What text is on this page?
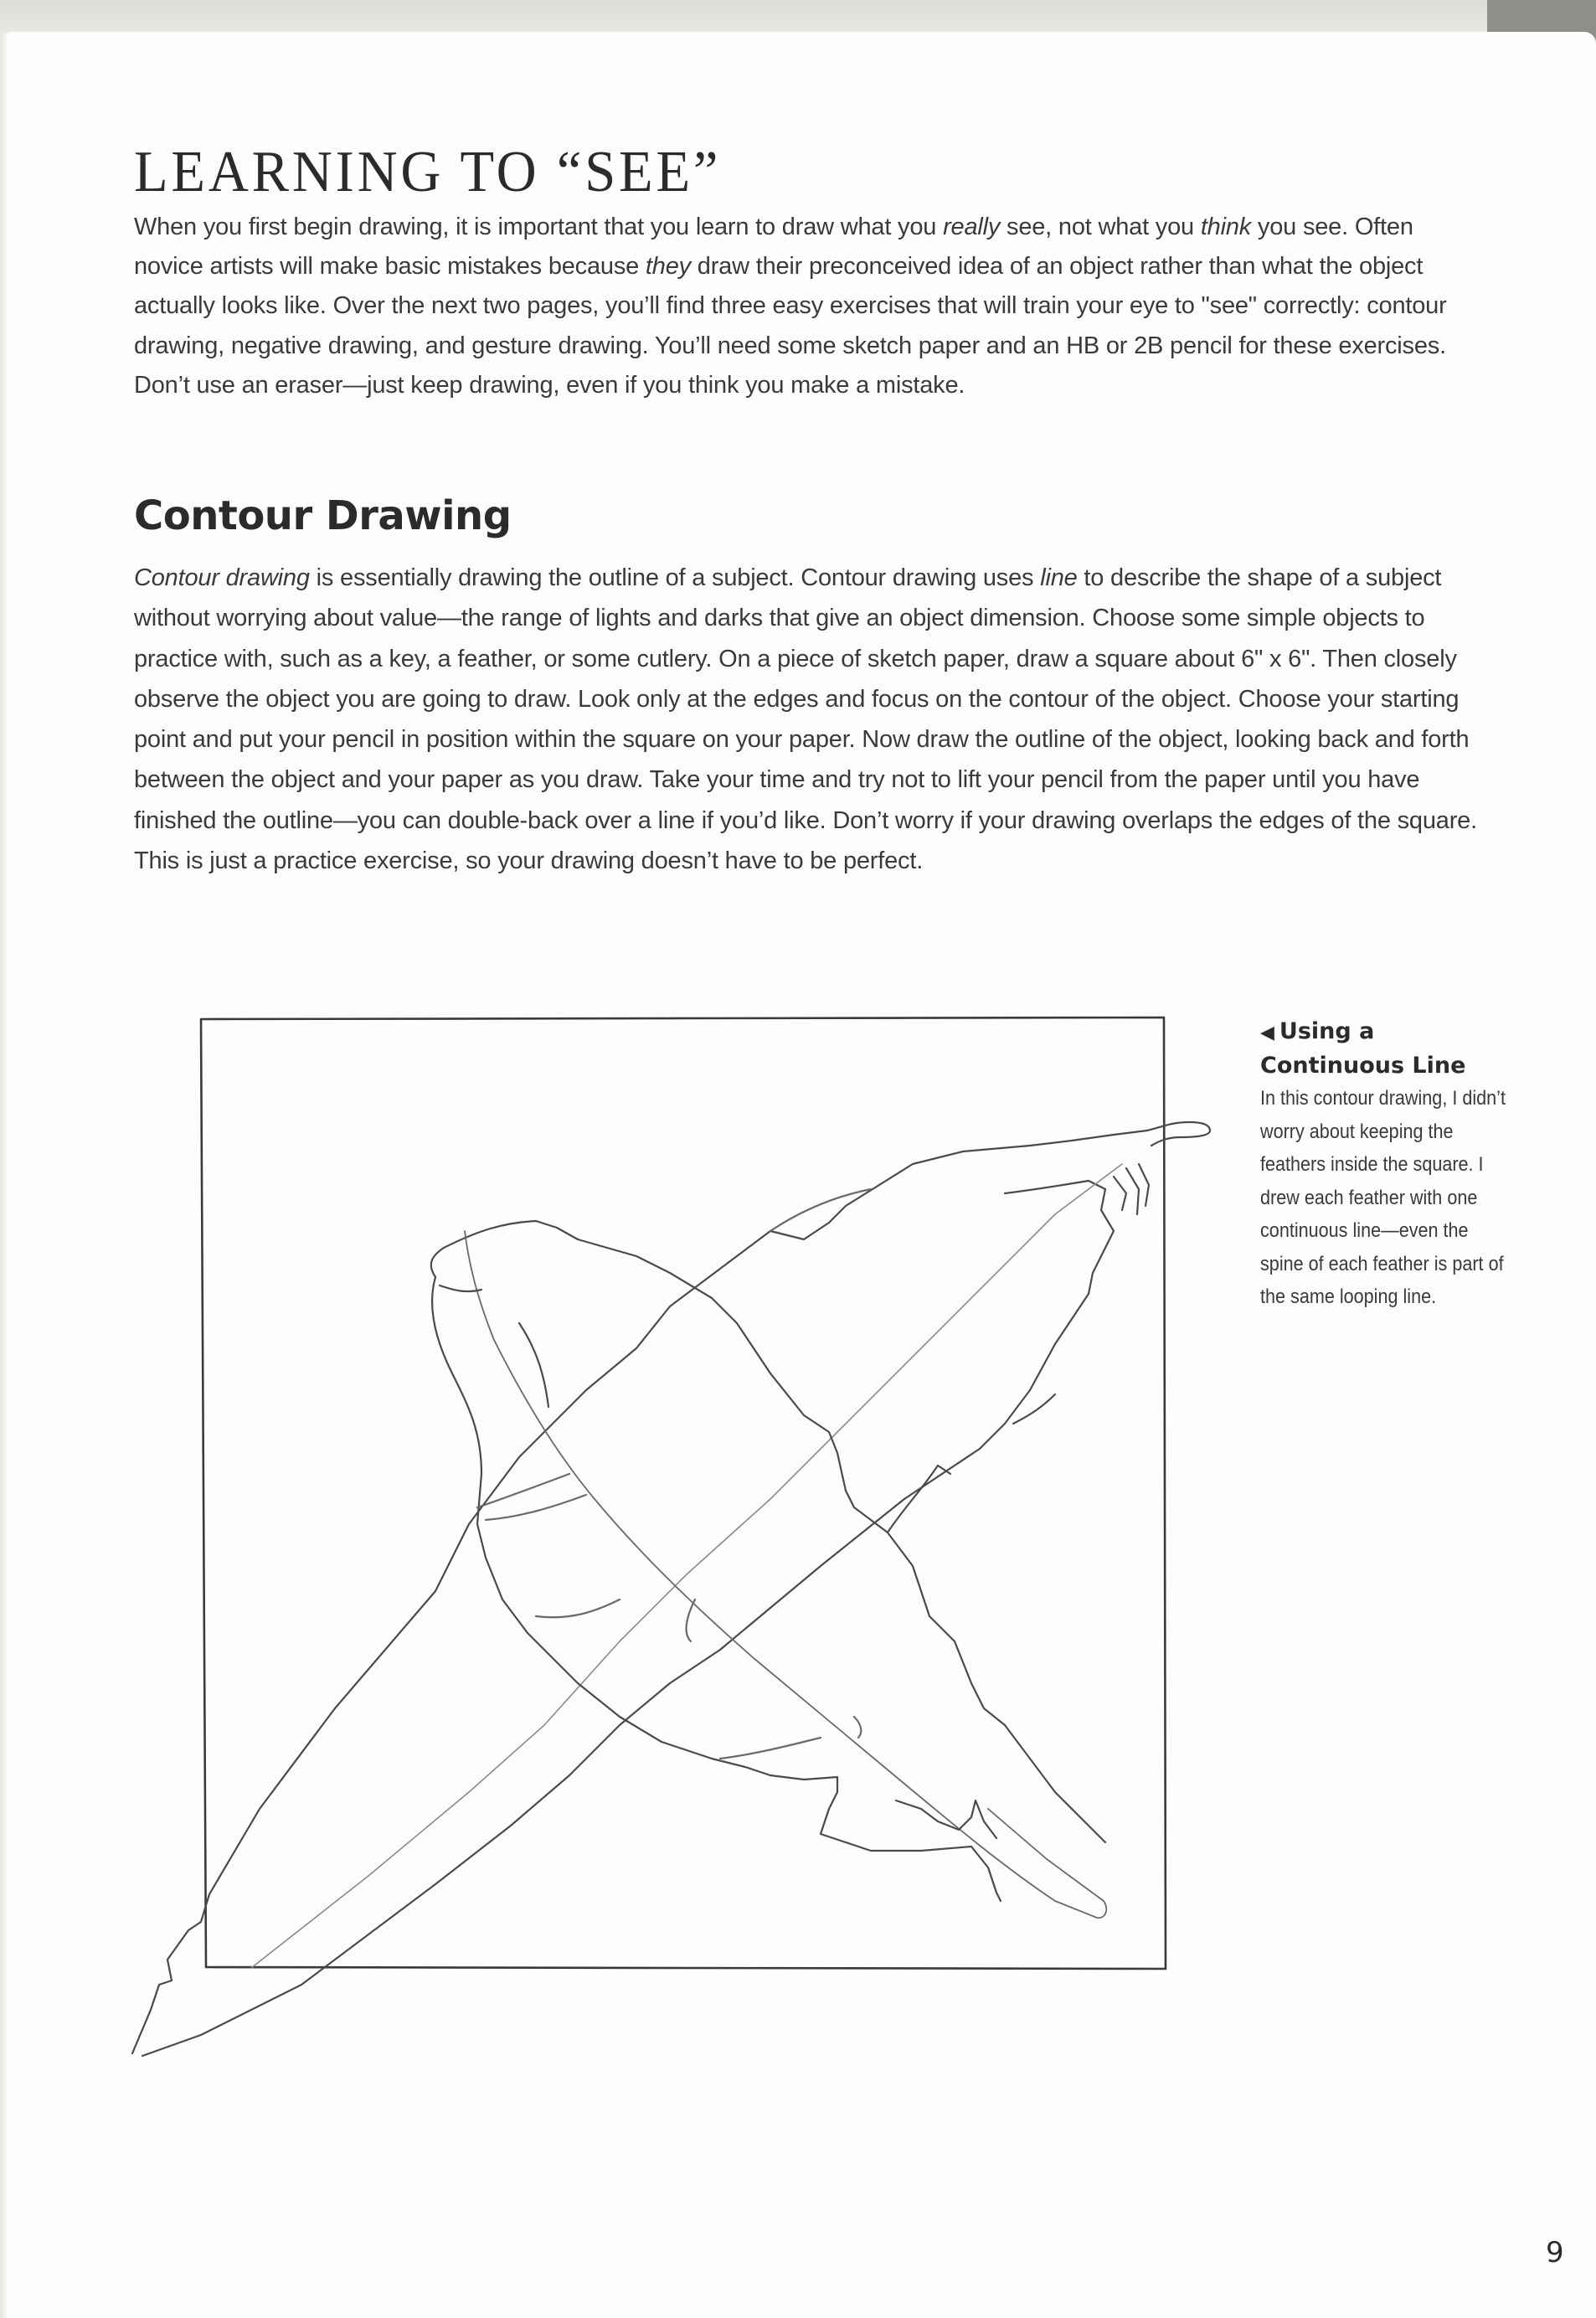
LEARNING TO “SEE”

When you first begin drawing, it is important that you learn to draw what you really see, not what you think you see. Often novice artists will make basic mistakes because they draw their preconceived idea of an object rather than what the object actually looks like. Over the next two pages, you’ll find three easy exercises that will train your eye to "see" correctly: contour drawing, negative drawing, and gesture drawing. You’ll need some sketch paper and an HB or 2B pencil for these exercises. Don’t use an eraser—just keep drawing, even if you think you make a mistake.

Contour Drawing

Contour drawing is essentially drawing the outline of a subject. Contour drawing uses line to describe the shape of a subject without worrying about value—the range of lights and darks that give an object dimension. Choose some simple objects to practice with, such as a key, a feather, or some cutlery. On a piece of sketch paper, draw a square about 6" x 6". Then closely observe the object you are going to draw. Look only at the edges and focus on the contour of the object. Choose your starting point and put your pencil in position within the square on your paper. Now draw the outline of the object, looking back and forth between the object and your paper as you draw. Take your time and try not to lift your pencil from the paper until you have finished the outline—you can double-back over a line if you’d like. Don’t worry if your drawing overlaps the edges of the square. This is just a practice exercise, so your drawing doesn’t have to be perfect.

◀ Using a Continuous Line

In this contour drawing, I didn’t worry about keeping the feathers inside the square. I drew each feather with one continuous line—even the spine of each feather is part of the same looping line.

9
